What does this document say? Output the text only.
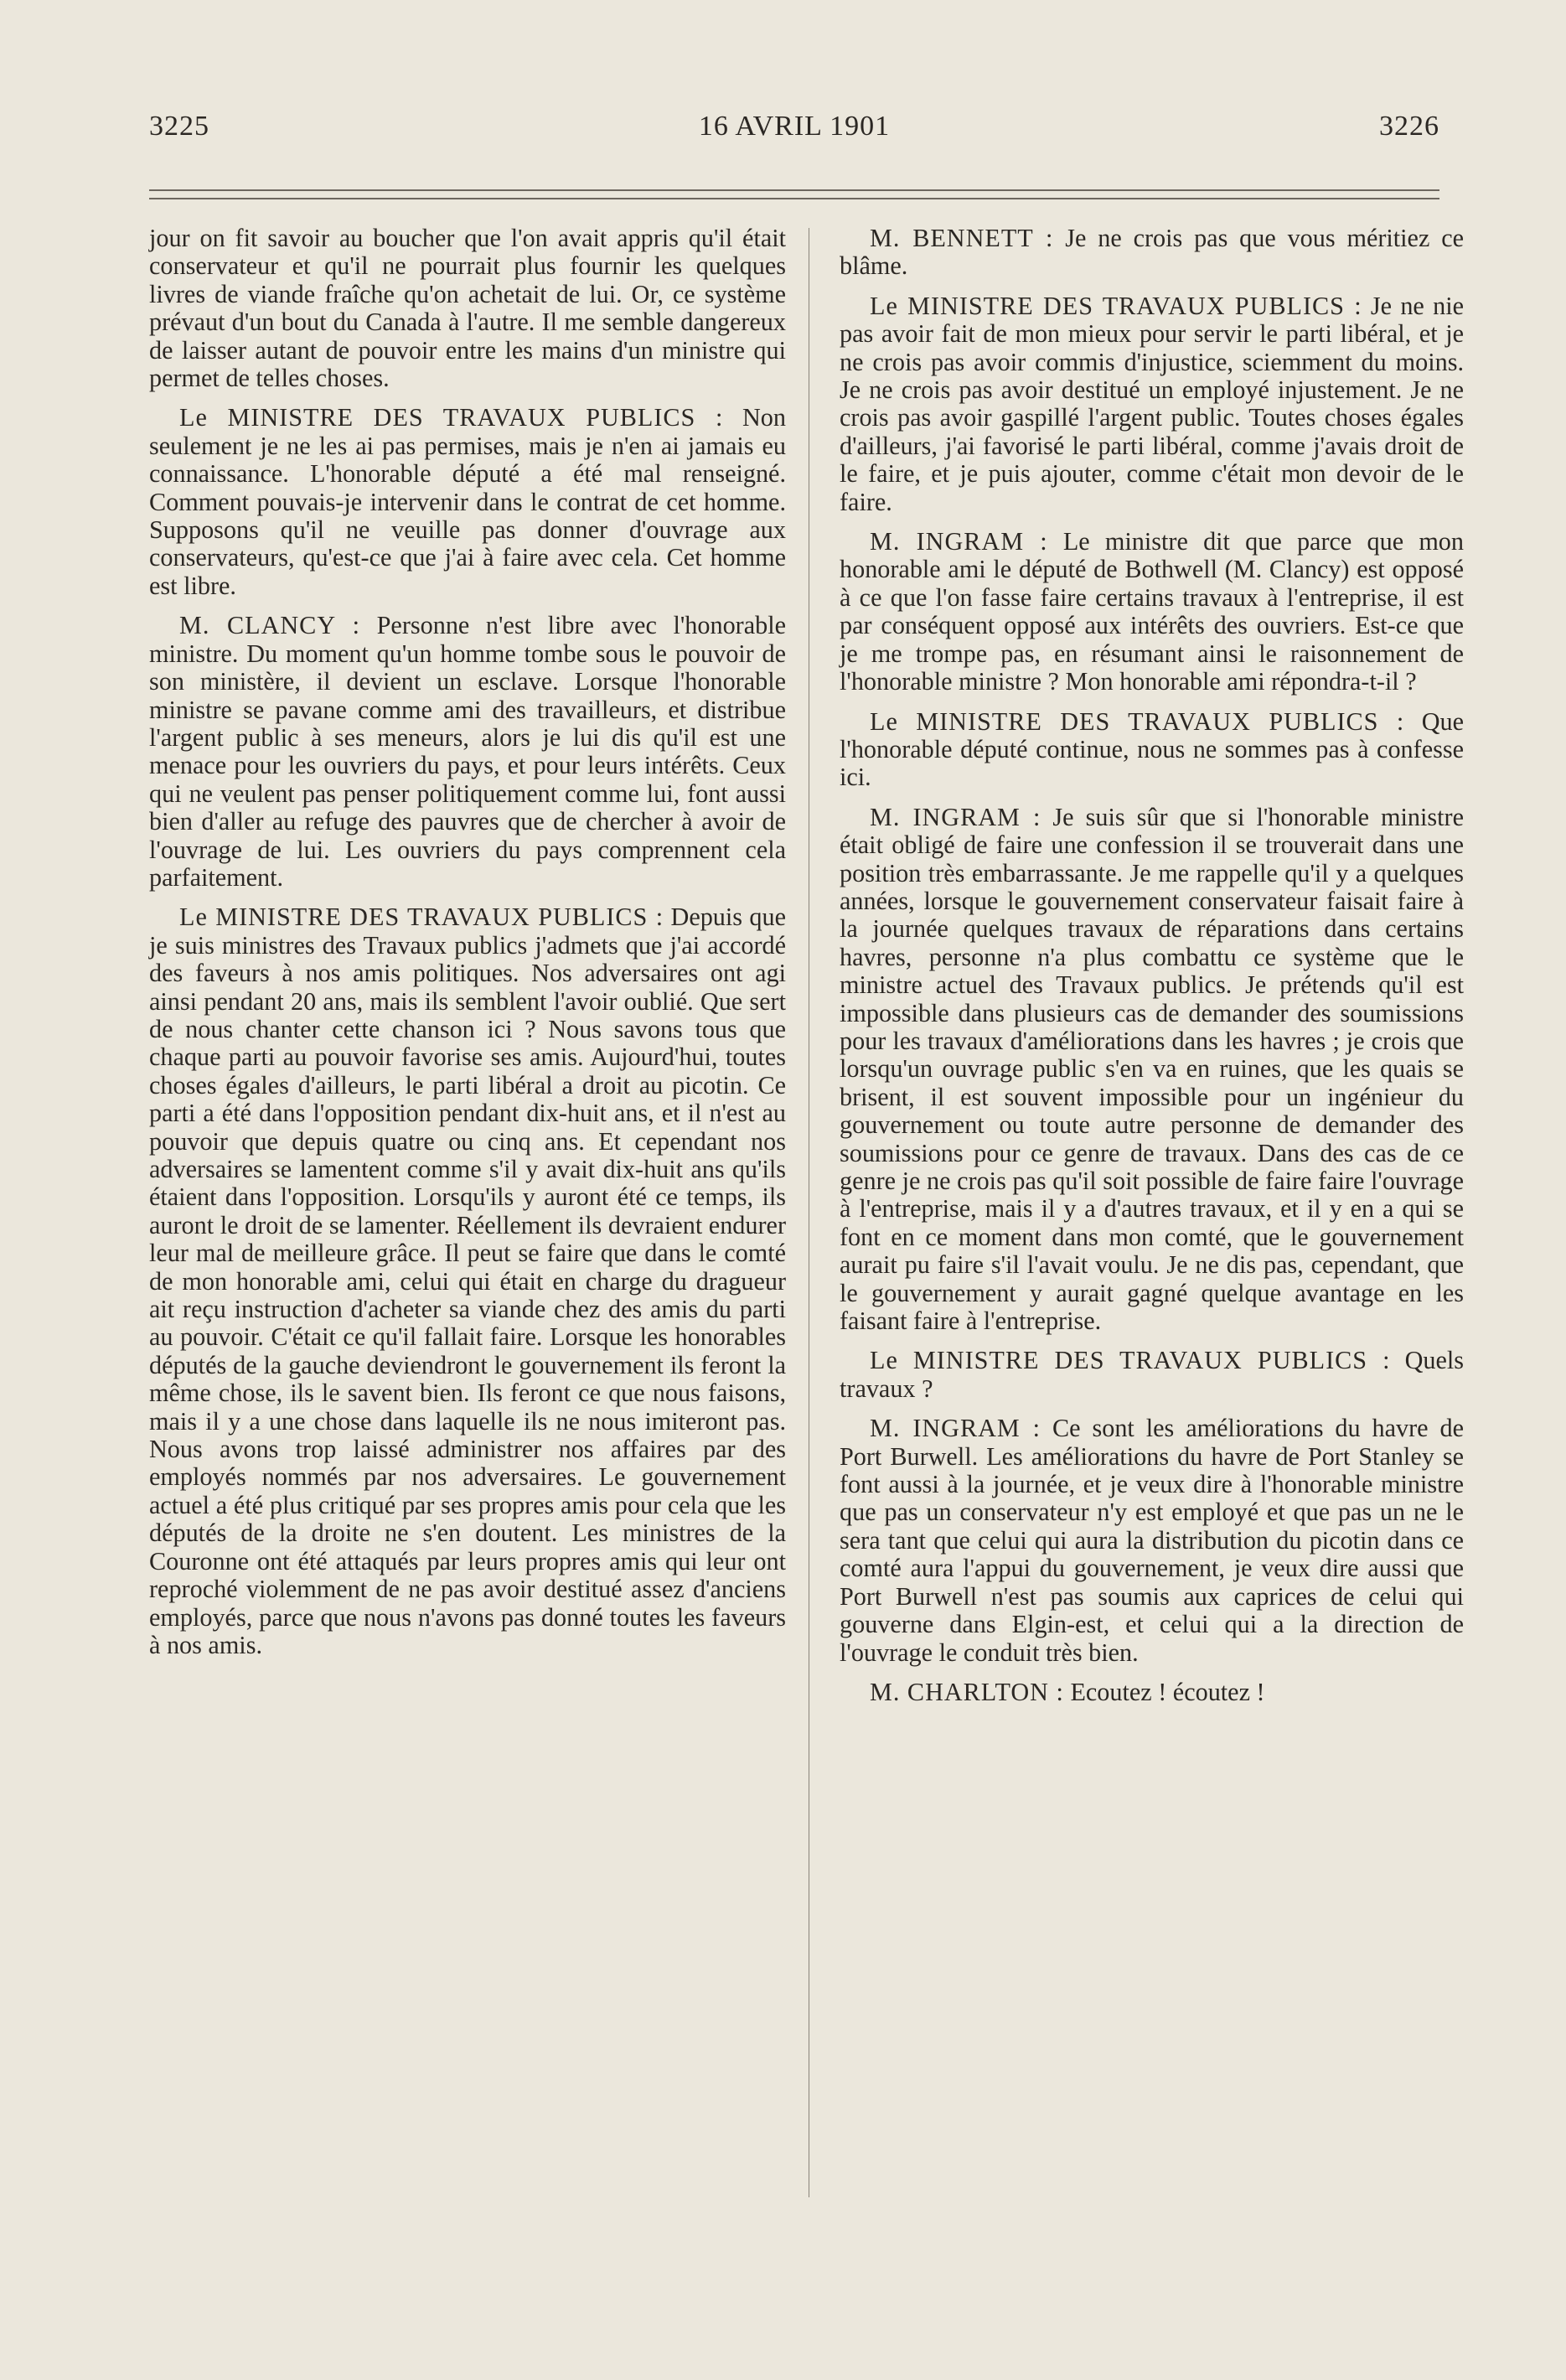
3225	16 AVRIL 1901	3226

jour on fit savoir au boucher que l'on avait appris qu'il était conservateur et qu'il ne pourrait plus fournir les quelques livres de viande fraîche qu'on achetait de lui. Or, ce système prévaut d'un bout du Canada à l'autre. Il me semble dangereux de laisser autant de pouvoir entre les mains d'un ministre qui permet de telles choses.

Le MINISTRE DES TRAVAUX PUBLICS : Non seulement je ne les ai pas permises, mais je n'en ai jamais eu connaissance. L'honorable député a été mal renseigné. Comment pouvais-je intervenir dans le contrat de cet homme. Supposons qu'il ne veuille pas donner d'ouvrage aux conservateurs, qu'est-ce que j'ai à faire avec cela. Cet homme est libre.

M. CLANCY : Personne n'est libre avec l'honorable ministre. Du moment qu'un homme tombe sous le pouvoir de son ministère, il devient un esclave. Lorsque l'honorable ministre se pavane comme ami des travailleurs, et distribue l'argent public à ses meneurs, alors je lui dis qu'il est une menace pour les ouvriers du pays, et pour leurs intérêts. Ceux qui ne veulent pas penser politiquement comme lui, font aussi bien d'aller au refuge des pauvres que de chercher à avoir de l'ouvrage de lui. Les ouvriers du pays comprennent cela parfaitement.

Le MINISTRE DES TRAVAUX PUBLICS : Depuis que je suis ministres des Travaux publics j'admets que j'ai accordé des faveurs à nos amis politiques. Nos adversaires ont agi ainsi pendant 20 ans, mais ils semblent l'avoir oublié. Que sert de nous chanter cette chanson ici ? Nous savons tous que chaque parti au pouvoir favorise ses amis. Aujourd'hui, toutes choses égales d'ailleurs, le parti libéral a droit au picotin. Ce parti a été dans l'opposition pendant dix-huit ans, et il n'est au pouvoir que depuis quatre ou cinq ans. Et cependant nos adversaires se lamentent comme s'il y avait dix-huit ans qu'ils étaient dans l'opposition. Lorsqu'ils y auront été ce temps, ils auront le droit de se lamenter. Réellement ils devraient endurer leur mal de meilleure grâce. Il peut se faire que dans le comté de mon honorable ami, celui qui était en charge du dragueur ait reçu instruction d'acheter sa viande chez des amis du parti au pouvoir. C'était ce qu'il fallait faire. Lorsque les honorables députés de la gauche deviendront le gouvernement ils feront la même chose, ils le savent bien. Ils feront ce que nous faisons, mais il y a une chose dans laquelle ils ne nous imiteront pas. Nous avons trop laissé administrer nos affaires par des employés nommés par nos adversaires. Le gouvernement actuel a été plus critiqué par ses propres amis pour cela que les députés de la droite ne s'en doutent. Les ministres de la Couronne ont été attaqués par leurs propres amis qui leur ont reproché violemment de ne pas avoir destitué assez d'anciens employés, parce que nous n'avons pas donné toutes les faveurs à nos amis.

M. BENNETT : Je ne crois pas que vous méritiez ce blâme.

Le MINISTRE DES TRAVAUX PUBLICS : Je ne nie pas avoir fait de mon mieux pour servir le parti libéral, et je ne crois pas avoir commis d'injustice, sciemment du moins. Je ne crois pas avoir destitué un employé injustement. Je ne crois pas avoir gaspillé l'argent public. Toutes choses égales d'ailleurs, j'ai favorisé le parti libéral, comme j'avais droit de le faire, et je puis ajouter, comme c'était mon devoir de le faire.

M. INGRAM : Le ministre dit que parce que mon honorable ami le député de Bothwell (M. Clancy) est opposé à ce que l'on fasse faire certains travaux à l'entreprise, il est par conséquent opposé aux intérêts des ouvriers. Est-ce que je me trompe pas, en résumant ainsi le raisonnement de l'honorable ministre ? Mon honorable ami répondra-t-il ?

Le MINISTRE DES TRAVAUX PUBLICS : Que l'honorable député continue, nous ne sommes pas à confesse ici.

M. INGRAM : Je suis sûr que si l'honorable ministre était obligé de faire une confession il se trouverait dans une position très embarrassante. Je me rappelle qu'il y a quelques années, lorsque le gouvernement conservateur faisait faire à la journée quelques travaux de réparations dans certains havres, personne n'a plus combattu ce système que le ministre actuel des Travaux publics. Je prétends qu'il est impossible dans plusieurs cas de demander des soumissions pour les travaux d'améliorations dans les havres ; je crois que lorsqu'un ouvrage public s'en va en ruines, que les quais se brisent, il est souvent impossible pour un ingénieur du gouvernement ou toute autre personne de demander des soumissions pour ce genre de travaux. Dans des cas de ce genre je ne crois pas qu'il soit possible de faire faire l'ouvrage à l'entreprise, mais il y a d'autres travaux, et il y en a qui se font en ce moment dans mon comté, que le gouvernement aurait pu faire s'il l'avait voulu. Je ne dis pas, cependant, que le gouvernement y aurait gagné quelque avantage en les faisant faire à l'entreprise.

Le MINISTRE DES TRAVAUX PUBLICS : Quels travaux ?

M. INGRAM : Ce sont les améliorations du havre de Port Burwell. Les améliorations du havre de Port Stanley se font aussi à la journée, et je veux dire à l'honorable ministre que pas un conservateur n'y est employé et que pas un ne le sera tant que celui qui aura la distribution du picotin dans ce comté aura l'appui du gouvernement, je veux dire aussi que Port Burwell n'est pas soumis aux caprices de celui qui gouverne dans Elgin-est, et celui qui a la direction de l'ouvrage le conduit très bien.

M. CHARLTON : Ecoutez ! écoutez !
